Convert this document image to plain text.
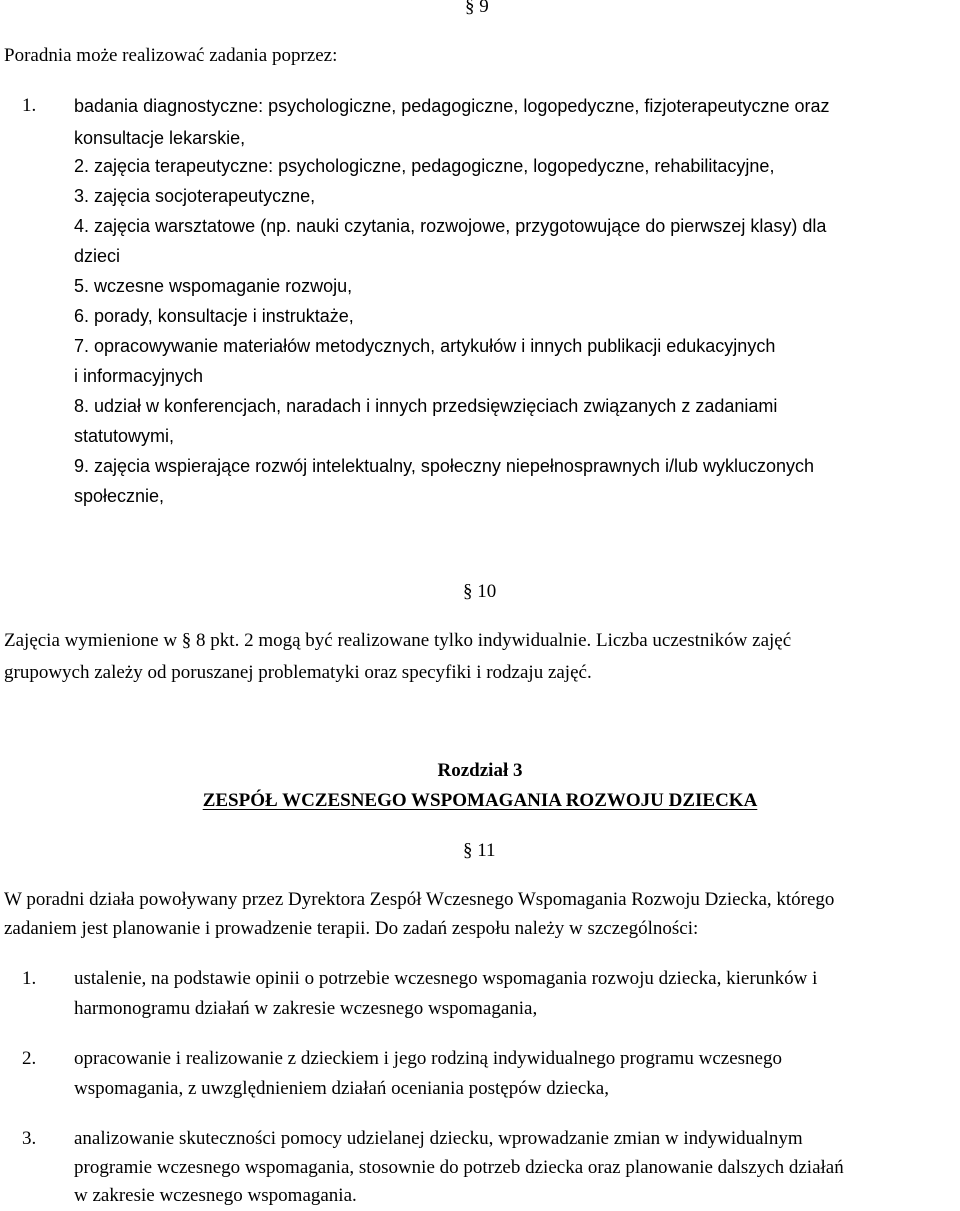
§ 9
Poradnia może realizować zadania poprzez:
1. badania diagnostyczne: psychologiczne, pedagogiczne, logopedyczne, fizjoterapeutyczne oraz
konsultacje lekarskie,
2. zajęcia terapeutyczne: psychologiczne, pedagogiczne, logopedyczne, rehabilitacyjne,
3. zajęcia socjoterapeutyczne,
4. zajęcia warsztatowe (np. nauki czytania, rozwojowe, przygotowujące do pierwszej klasy) dla
dzieci
5. wczesne wspomaganie rozwoju,
6. porady, konsultacje i instruktaże,
7. opracowywanie materiałów metodycznych, artykułów i innych publikacji edukacyjnych
i informacyjnych
8. udział w konferencjach, naradach i innych przedsięwzięciach związanych z zadaniami
statutowymi,
9. zajęcia wspierające rozwój intelektualny, społeczny niepełnosprawnych i/lub wykluczonych
społecznie,
§ 10
Zajęcia wymienione w § 8 pkt. 2 mogą być realizowane tylko indywidualnie. Liczba uczestników zajęć
grupowych zależy od poruszanej problematyki oraz specyfiki i rodzaju zajęć.
Rozdział 3
ZESPÓŁ WCZESNEGO WSPOMAGANIA ROZWOJU DZIECKA
§ 11
W poradni działa powoływany przez Dyrektora Zespół Wczesnego Wspomagania Rozwoju Dziecka, którego
zadaniem jest planowanie i prowadzenie terapii. Do zadań zespołu należy w szczególności:
1. ustalenie, na podstawie opinii o potrzebie wczesnego wspomagania rozwoju dziecka, kierunków i
harmonogramu działań w zakresie wczesnego wspomagania,
2. opracowanie i realizowanie z dzieckiem i jego rodziną indywidualnego programu wczesnego
wspomagania, z uwzględnieniem działań oceniania postępów dziecka,
3. analizowanie skuteczności pomocy udzielanej dziecku, wprowadzanie zmian w indywidualnym
programie wczesnego wspomagania, stosownie do potrzeb dziecka oraz planowanie dalszych działań
w zakresie wczesnego wspomagania.
